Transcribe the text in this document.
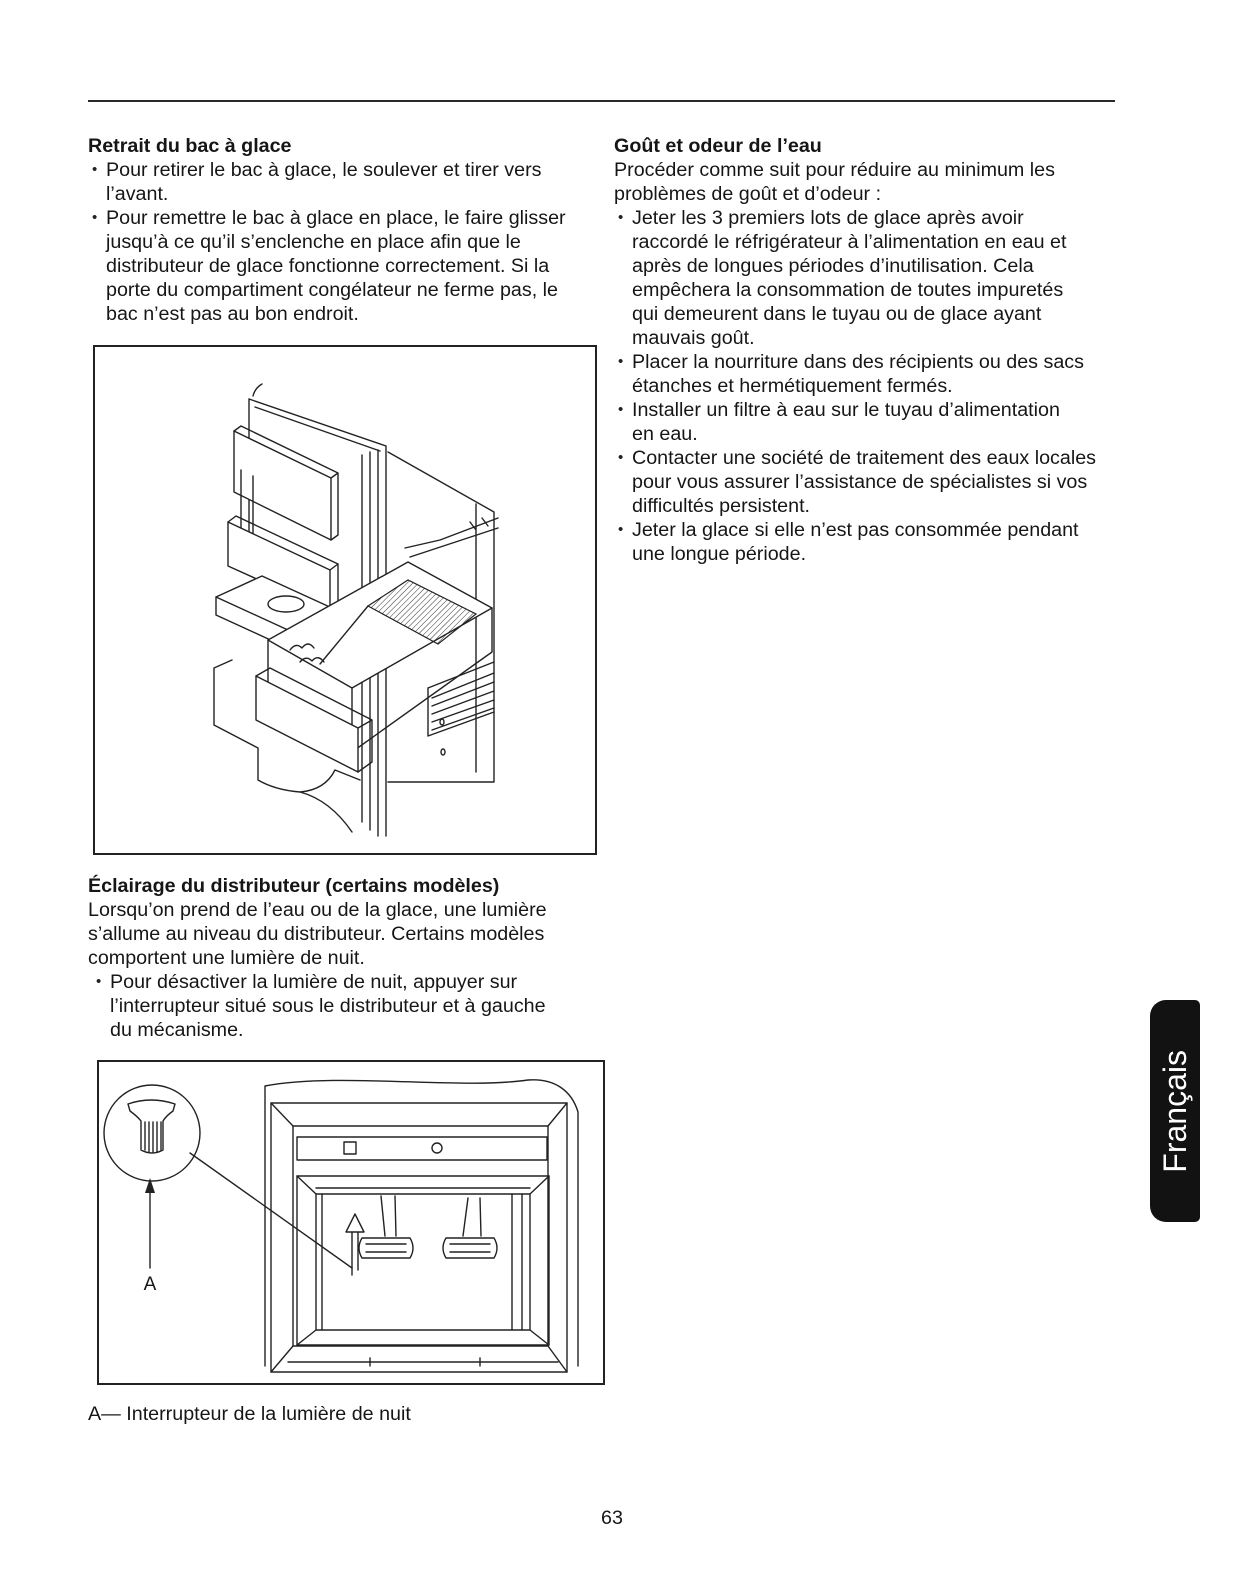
Retrait du bac à glace
• Pour retirer le bac à glace, le soulever et tirer vers
l’avant.
• Pour remettre le bac à glace en place, le faire glisser
jusqu’à ce qu’il s’enclenche en place afin que le
distributeur de glace fonctionne correctement. Si la
porte du compartiment congélateur ne ferme pas, le
bac n’est pas au bon endroit.
Éclairage du distributeur (certains modèles)
Lorsqu’on prend de l’eau ou de la glace, une lumière
s’allume au niveau du distributeur. Certains modèles
comportent une lumière de nuit.
• Pour désactiver la lumière de nuit, appuyer sur
l’interrupteur situé sous le distributeur et à gauche
du mécanisme.
A
A— Interrupteur de la lumière de nuit
Goût et odeur de l’eau
Procéder comme suit pour réduire au minimum les
problèmes de goût et d’odeur :
• Jeter les 3 premiers lots de glace après avoir
raccordé le réfrigérateur à l’alimentation en eau et
après de longues périodes d’inutilisation. Cela
empêchera la consommation de toutes impuretés
qui demeurent dans le tuyau ou de glace ayant
mauvais goût.
• Placer la nourriture dans des récipients ou des sacs
étanches et hermétiquement fermés.
• Installer un filtre à eau sur le tuyau d’alimentation
en eau.
• Contacter une société de traitement des eaux locales
pour vous assurer l’assistance de spécialistes si vos
difficultés persistent.
• Jeter la glace si elle n’est pas consommée pendant
une longue période.
Français
63
